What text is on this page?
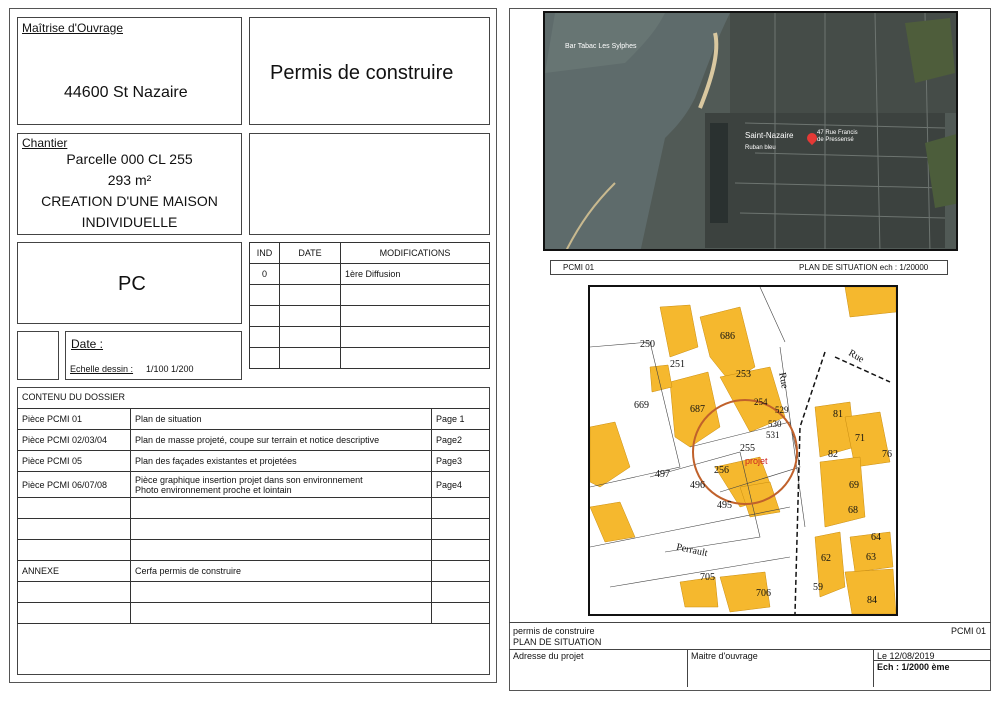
Maîtrise d'Ouvrage
44600 St Nazaire
Permis de construire
Chantier
Parcelle 000 CL 255
293 m²
CREATION D'UNE MAISON
INDIVIDUELLE
PC
IND	DATE	MODIFICATIONS
0		1ère Diffusion

Date :
Echelle dessin : 1/100 1/200
CONTENU DU DOSSIER
Pièce PCMI 01	Plan de situation	Page 1
Pièce PCMI 02/03/04	Plan de masse projeté, coupe sur terrain et notice descriptive	Page2
Pièce PCMI 05	Plan des façades existantes et projetées	Page3
Pièce PCMI 06/07/08	Pièce graphique insertion projet dans son environnement
Photo environnement proche et lointain	Page4

ANNEXE	Cerfa permis de construire	

Bar Tabac Les Sylphes
Saint-Nazaire	47 Rue Francis de Pressensé
Ruban bleu
PCMI 01	PLAN DE SITUATION ech : 1/20000
686
250
251
253
254
529
530
531
669	687
255
projet
256
497
496
495
81
71
82	76
69
68
64
63
62
59
84
705
706
Rue
Rue
Perrault
permis de construire	PCMI 01
PLAN DE SITUATION
Adresse du projet	Maitre d'ouvrage	Le 12/08/2019
Ech : 1/2000 ème
